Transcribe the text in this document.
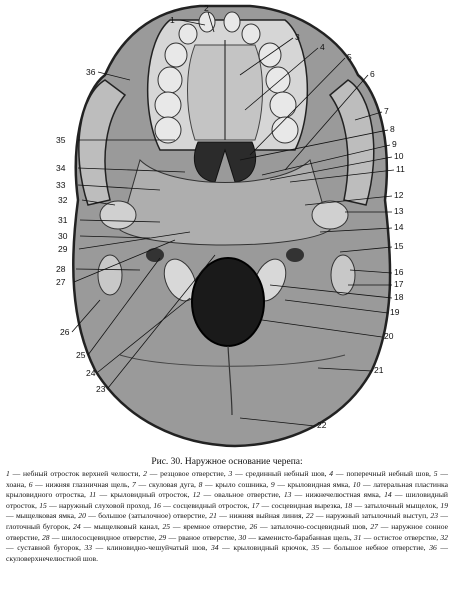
1
2
3
4
5
6
7
8
9
10
11
12
13
14
15
16
17
18
19
20
21
22
23
24
25
26
27
28
29
30
31
32
33
34
35
36

Рис. 30. Наружное основание черепа:

1 — небный отросток верхней челюсти, 2 — резцовое отверстие, 3 — срединный небный шов, 4 — поперечный небный шов, 5 — хоана, 6 — нижняя глазничная щель, 7 — скуловая дуга, 8 — крыло сошника, 9 — крыловидная ямка, 10 — латеральная пластинка крыловидного отростка, 11 — крыловидный отросток, 12 — овальное отверстие, 13 — нижнечелюстная ямка, 14 — шиловидный отросток, 15 — наружный слуховой проход, 16 — сосцевидный отросток, 17 — сосцевидная вырезка, 18 — затылочный мыщелок, 19 — мыщелковая ямка, 20 — большое (затылочное) отверстие, 21 — нижняя выйная линия, 22 — наружный затылочный выступ, 23 — глоточный бугорок, 24 — мыщелковый канал, 25 — яремное отверстие, 26 — затылочно-сосцевидный шов, 27 — наружное сонное отверстие, 28 — шилососцевидное отверстие, 29 — рваное отверстие, 30 — каменисто-барабанная щель, 31 — остистое отверстие, 32 — суставной бугорок, 33 — клиновидно-чешуйчатый шов, 34 — крыловидный крючок, 35 — большое небное отверстие, 36 — скуловерхнечелюстной шов.
